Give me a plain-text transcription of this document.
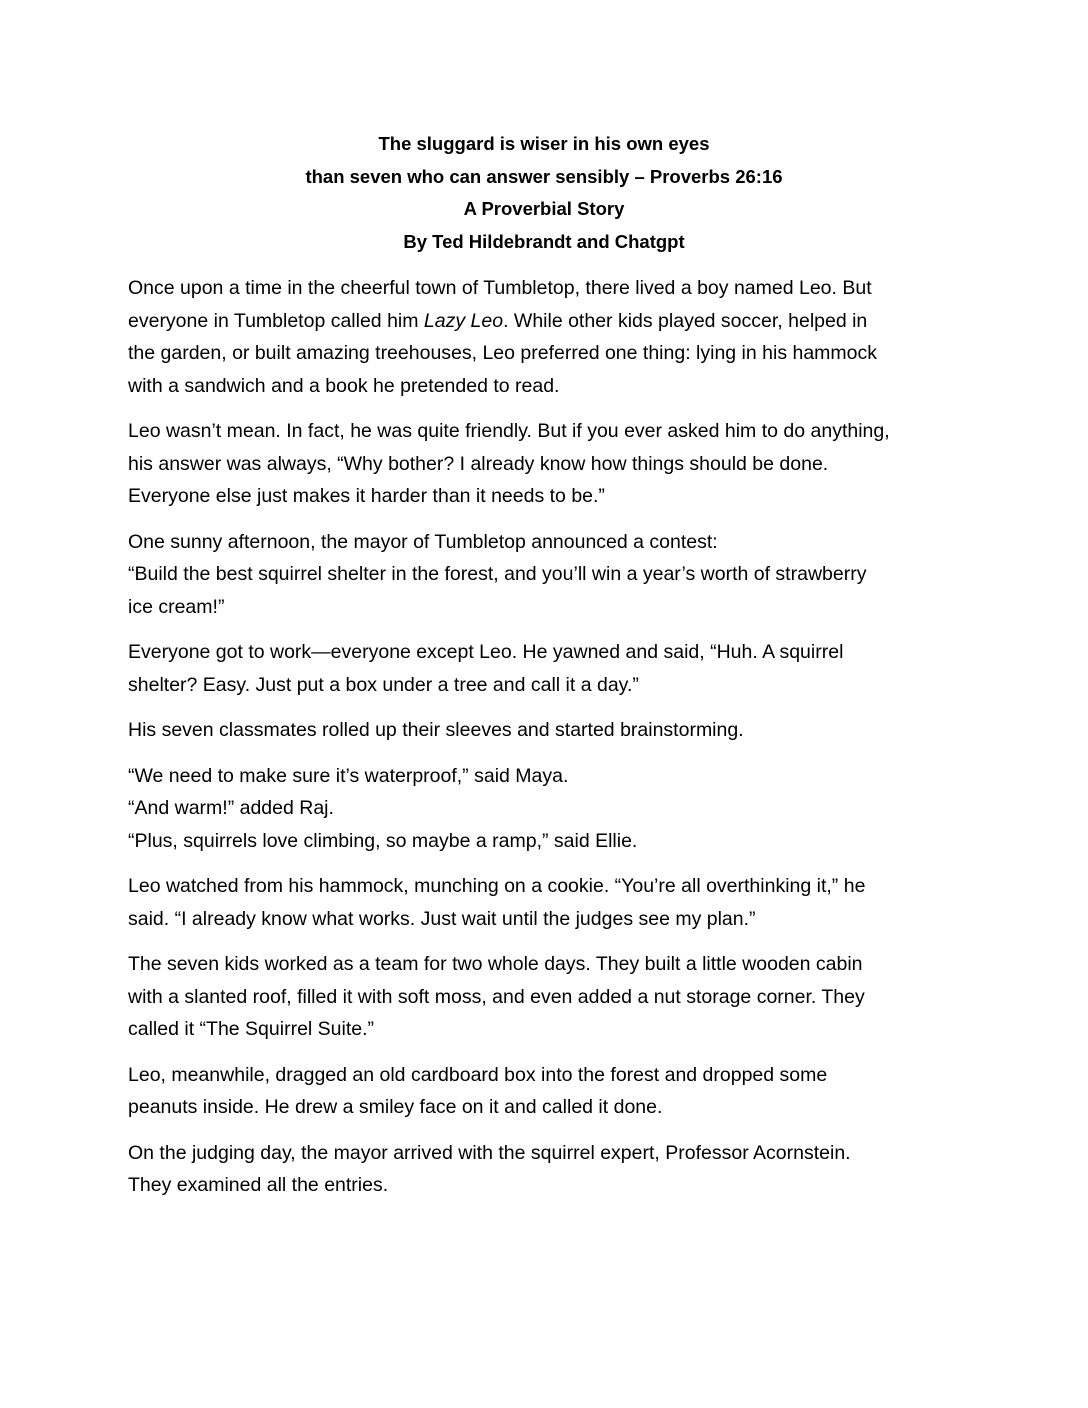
The sluggard is wiser in his own eyes
than seven who can answer sensibly – Proverbs 26:16
A Proverbial Story
By Ted Hildebrandt and Chatgpt

Once upon a time in the cheerful town of Tumbletop, there lived a boy named Leo. But
everyone in Tumbletop called him Lazy Leo. While other kids played soccer, helped in
the garden, or built amazing treehouses, Leo preferred one thing: lying in his hammock
with a sandwich and a book he pretended to read.

Leo wasn’t mean. In fact, he was quite friendly. But if you ever asked him to do anything,
his answer was always, “Why bother? I already know how things should be done.
Everyone else just makes it harder than it needs to be.”

One sunny afternoon, the mayor of Tumbletop announced a contest:
“Build the best squirrel shelter in the forest, and you’ll win a year’s worth of strawberry
ice cream!”

Everyone got to work—everyone except Leo. He yawned and said, “Huh. A squirrel
shelter? Easy. Just put a box under a tree and call it a day.”

His seven classmates rolled up their sleeves and started brainstorming.

“We need to make sure it’s waterproof,” said Maya.
“And warm!” added Raj.
“Plus, squirrels love climbing, so maybe a ramp,” said Ellie.

Leo watched from his hammock, munching on a cookie. “You’re all overthinking it,” he
said. “I already know what works. Just wait until the judges see my plan.”

The seven kids worked as a team for two whole days. They built a little wooden cabin
with a slanted roof, filled it with soft moss, and even added a nut storage corner. They
called it “The Squirrel Suite.”

Leo, meanwhile, dragged an old cardboard box into the forest and dropped some
peanuts inside. He drew a smiley face on it and called it done.

On the judging day, the mayor arrived with the squirrel expert, Professor Acornstein.
They examined all the entries.
